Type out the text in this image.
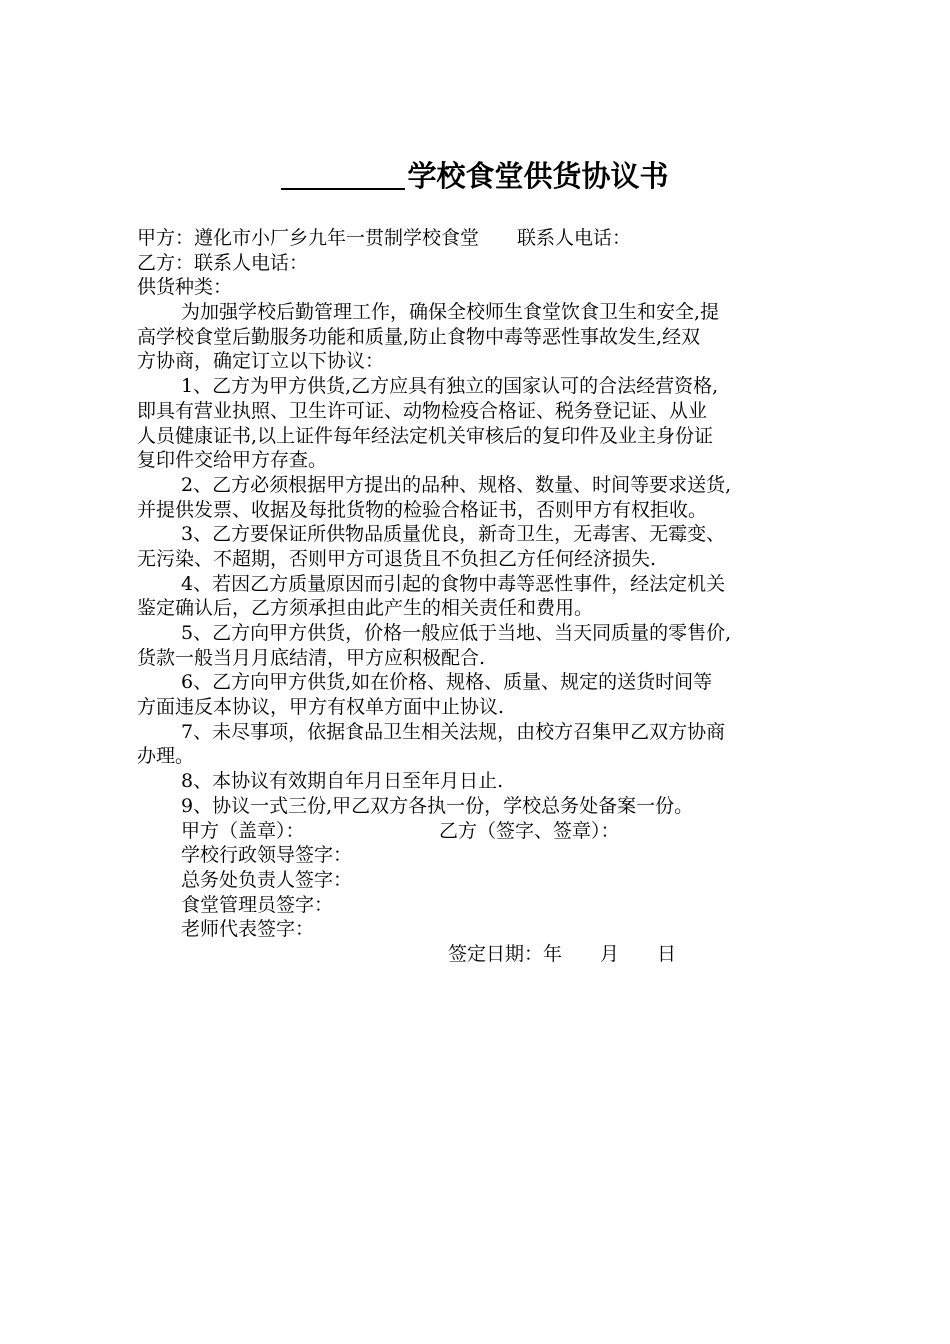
学校食堂供货协议书
甲方：遵化市小厂乡九年一贯制学校食堂 联系人电话：
乙方：联系人电话：
供货种类：
为加强学校后勤管理工作，确保全校师生食堂饮食卫生和安全,提
高学校食堂后勤服务功能和质量,防止食物中毒等恶性事故发生,经双
方协商，确定订立以下协议：
1、乙方为甲方供货,乙方应具有独立的国家认可的合法经营资格,
即具有营业执照、卫生许可证、动物检疫合格证、税务登记证、从业
人员健康证书,以上证件每年经法定机关审核后的复印件及业主身份证
复印件交给甲方存查。
2、乙方必须根据甲方提出的品种、规格、数量、时间等要求送货,
并提供发票、收据及每批货物的检验合格证书，否则甲方有权拒收。
3、乙方要保证所供物品质量优良，新奇卫生，无毒害、无霉变、
无污染、不超期，否则甲方可退货且不负担乙方任何经济损失.
4、若因乙方质量原因而引起的食物中毒等恶性事件，经法定机关
鉴定确认后，乙方须承担由此产生的相关责任和费用。
5、乙方向甲方供货，价格一般应低于当地、当天同质量的零售价,
货款一般当月月底结清，甲方应积极配合.
6、乙方向甲方供货,如在价格、规格、质量、规定的送货时间等
方面违反本协议，甲方有权单方面中止协议.
7、未尽事项，依据食品卫生相关法规，由校方召集甲乙双方协商
办理。
8、本协议有效期自年月日至年月日止.
9、协议一式三份,甲乙双方各执一份，学校总务处备案一份。
甲方（盖章）：	乙方（签字、签章）：
学校行政领导签字：
总务处负责人签字：
食堂管理员签字：
老师代表签字：
签定日期：年 月 日
